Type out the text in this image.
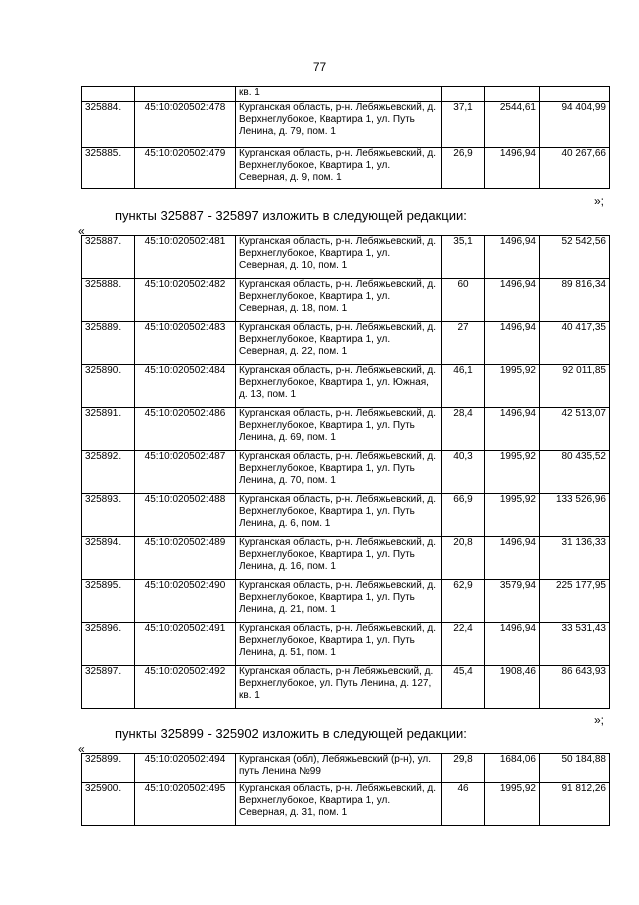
77
		кв. 1			
325884.	45:10:020502:478	Курганская область, р-н. Лебяжьевский, д. Верхнеглубокое, Квартира 1, ул. Путь Ленина, д. 79, пом. 1	37,1	2544,61	94 404,99
325885.	45:10:020502:479	Курганская область, р-н. Лебяжьевский, д. Верхнеглубокое, Квартира 1, ул. Северная, д. 9, пом. 1	26,9	1496,94	40 267,66
»;
пункты 325887 - 325897 изложить в следующей редакции:
«
325887.	45:10:020502:481	Курганская область, р-н. Лебяжьевский, д. Верхнеглубокое, Квартира 1, ул. Северная, д. 10, пом. 1	35,1	1496,94	52 542,56
325888.	45:10:020502:482	Курганская область, р-н. Лебяжьевский, д. Верхнеглубокое, Квартира 1, ул. Северная, д. 18, пом. 1	60	1496,94	89 816,34
325889.	45:10:020502:483	Курганская область, р-н. Лебяжьевский, д. Верхнеглубокое, Квартира 1, ул. Северная, д. 22, пом. 1	27	1496,94	40 417,35
325890.	45:10:020502:484	Курганская область, р-н. Лебяжьевский, д. Верхнеглубокое, Квартира 1, ул. Южная, д. 13, пом. 1	46,1	1995,92	92 011,85
325891.	45:10:020502:486	Курганская область, р-н. Лебяжьевский, д. Верхнеглубокое, Квартира 1, ул. Путь Ленина, д. 69, пом. 1	28,4	1496,94	42 513,07
325892.	45:10:020502:487	Курганская область, р-н. Лебяжьевский, д. Верхнеглубокое, Квартира 1, ул. Путь Ленина, д. 70, пом. 1	40,3	1995,92	80 435,52
325893.	45:10:020502:488	Курганская область, р-н. Лебяжьевский, д. Верхнеглубокое, Квартира 1, ул. Путь Ленина, д. 6, пом. 1	66,9	1995,92	133 526,96
325894.	45:10:020502:489	Курганская область, р-н. Лебяжьевский, д. Верхнеглубокое, Квартира 1, ул. Путь Ленина, д. 16, пом. 1	20,8	1496,94	31 136,33
325895.	45:10:020502:490	Курганская область, р-н. Лебяжьевский, д. Верхнеглубокое, Квартира 1, ул. Путь Ленина, д. 21, пом. 1	62,9	3579,94	225 177,95
325896.	45:10:020502:491	Курганская область, р-н. Лебяжьевский, д. Верхнеглубокое, Квартира 1, ул. Путь Ленина, д. 51, пом. 1	22,4	1496,94	33 531,43
325897.	45:10:020502:492	Курганская область, р-н Лебяжьевский, д. Верхнеглубокое, ул. Путь Ленина, д. 127, кв. 1	45,4	1908,46	86 643,93
»;
пункты 325899 - 325902 изложить в следующей редакции:
«
325899.	45:10:020502:494	Курганская (обл), Лебяжьевский (р-н), ул. путь Ленина №99	29,8	1684,06	50 184,88
325900.	45:10:020502:495	Курганская область, р-н. Лебяжьевский, д. Верхнеглубокое, Квартира 1, ул. Северная, д. 31, пом. 1	46	1995,92	91 812,26
